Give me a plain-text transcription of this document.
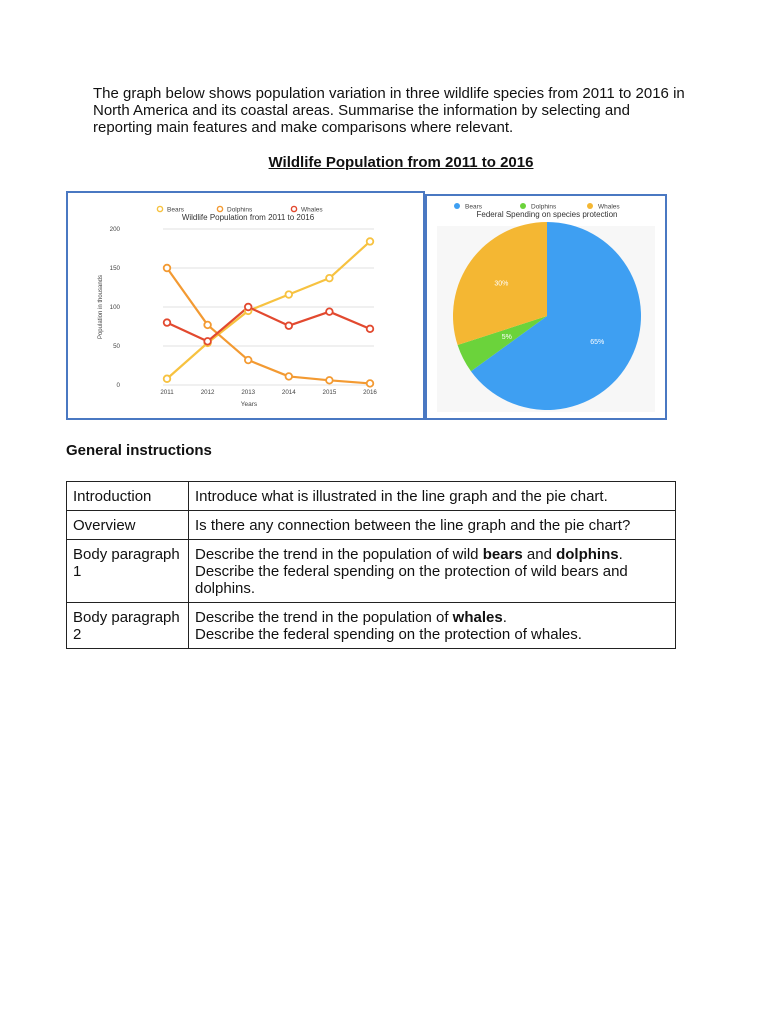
The graph below shows population variation in three wildlife species from 2011 to 2016 in North America and its coastal areas. Summarise the information by selecting and reporting main features and make comparisons where relevant.
Wildlife Population from 2011 to 2016
Bears	Dolphins	Whales
Wildlife Population from 2011 to 2016
0
50
100
150
200
2011	2012	2013	2014	2015	2016
Years
Population in thousands
Bears	Dolphins	Whales
Federal Spending on species protection
65%
5%
30%
General instructions
Introduction	Introduce what is illustrated in the line graph and the pie chart.

Overview	Is there any connection between the line graph and the pie chart?

Body paragraph 1	Describe the trend in the population of wild bears and dolphins.
Describe the federal spending on the protection of wild bears and dolphins.

Body paragraph 2	Describe the trend in the population of whales.
Describe the federal spending on the protection of whales.
